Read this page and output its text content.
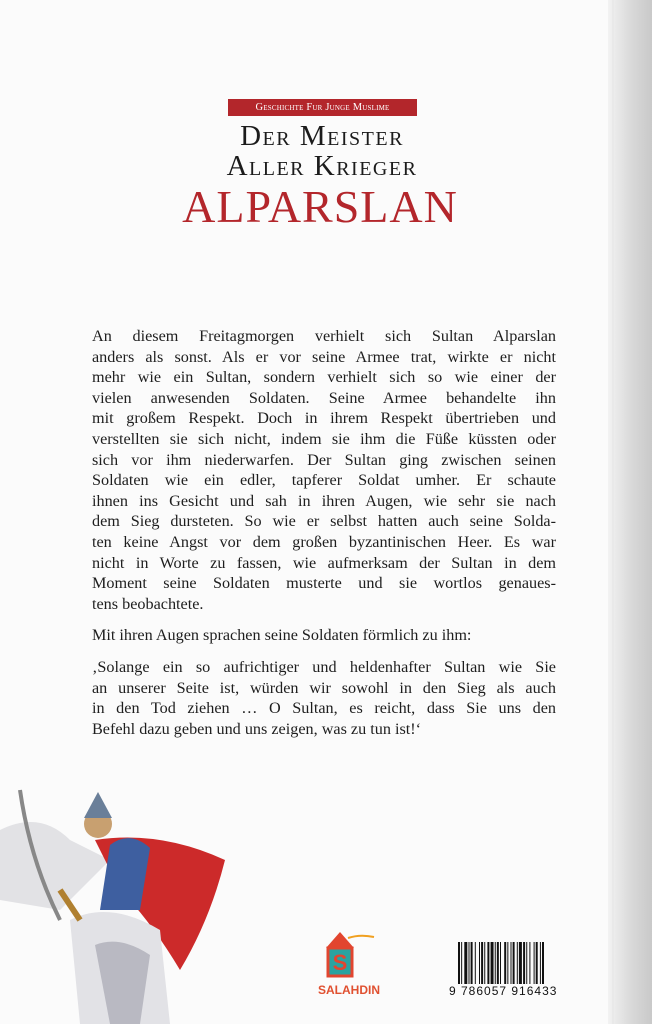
Geschichte Fur Junge Muslime
Der Meister
Aller Krieger
ALPARSLAN
An diesem Freitagmorgen verhielt sich Sultan Alparslan
anders als sonst. Als er vor seine Armee trat, wirkte er nicht
mehr wie ein Sultan, sondern verhielt sich so wie einer der
vielen anwesenden Soldaten. Seine Armee behandelte ihn
mit großem Respekt. Doch in ihrem Respekt übertrieben und
verstellten sie sich nicht, indem sie ihm die Füße küssten oder
sich vor ihm niederwarfen. Der Sultan ging zwischen seinen
Soldaten wie ein edler, tapferer Soldat umher. Er schaute
ihnen ins Gesicht und sah in ihren Augen, wie sehr sie nach
dem Sieg dursteten. So wie er selbst hatten auch seine Solda-
ten keine Angst vor dem großen byzantinischen Heer. Es war
nicht in Worte zu fassen, wie aufmerksam der Sultan in dem
Moment seine Soldaten musterte und sie wortlos genaues-
tens beobachtete.
Mit ihren Augen sprachen seine Soldaten förmlich zu ihm:
‚Solange ein so aufrichtiger und heldenhafter Sultan wie Sie
an unserer Seite ist, würden wir sowohl in den Sieg als auch
in den Tod ziehen … O Sultan, es reicht, dass Sie uns den
Befehl dazu geben und uns zeigen, was zu tun ist!‘
S
SALAHDIN	9 786057 916433
